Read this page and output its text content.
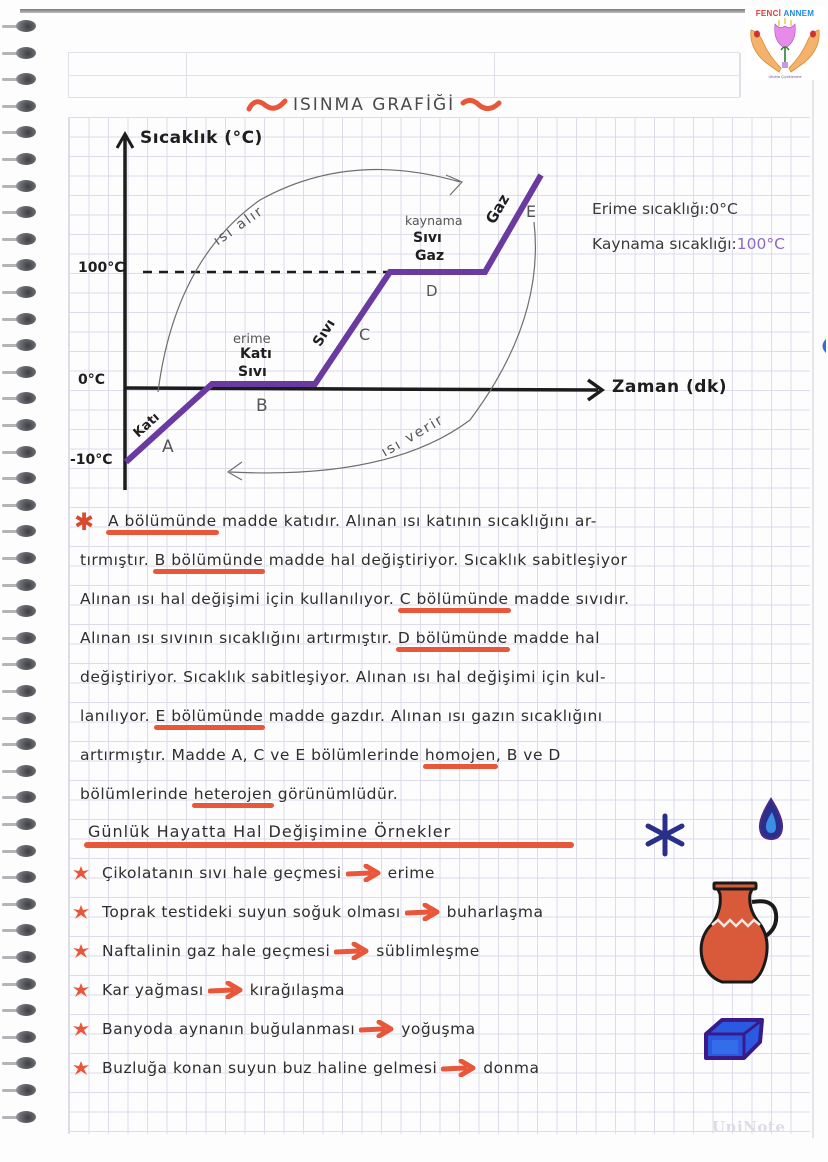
FENCİ ANNEM
Ufukta Çiçeklenme
ISINMA GRAFİĞİ
Sıcaklık (°C)
Zaman (dk)
100°C
0°C
-10°C
Katı
A
erime
Katı
Sıvı
B
Sıvı C
kaynama
Sıvı
Gaz
D
Gaz E
ısı alır
ısı verir
Erime sıcaklığı:0°C
Kaynama sıcaklığı:100°C
✱ A bölümünde madde katıdır. Alınan ısı katının sıcaklığını ar-
tırmıştır. B bölümünde madde hal değiştiriyor. Sıcaklık sabitleşiyor
Alınan ısı hal değişimi için kullanılıyor. C bölümünde madde sıvıdır.
Alınan ısı sıvının sıcaklığını artırmıştır. D bölümünde madde hal
değiştiriyor. Sıcaklık sabitleşiyor. Alınan ısı hal değişimi için kul-
lanılıyor. E bölümünde madde gazdır. Alınan ısı gazın sıcaklığını
artırmıştır. Madde A, C ve E bölümlerinde homojen, B ve D
bölümlerinde heterojen görünümlüdür.
Günlük Hayatta Hal Değişimine Örnekler
Çikolatanın sıvı hale geçmesi	erime
Toprak testideki suyun soğuk olması	buharlaşma
Naftalinin gaz hale geçmesi	süblimleşme
Kar yağması	kırağılaşma
Banyoda aynanın buğulanması	yoğuşma
Buzluğa konan suyun buz haline gelmesi	donma
UniNote
